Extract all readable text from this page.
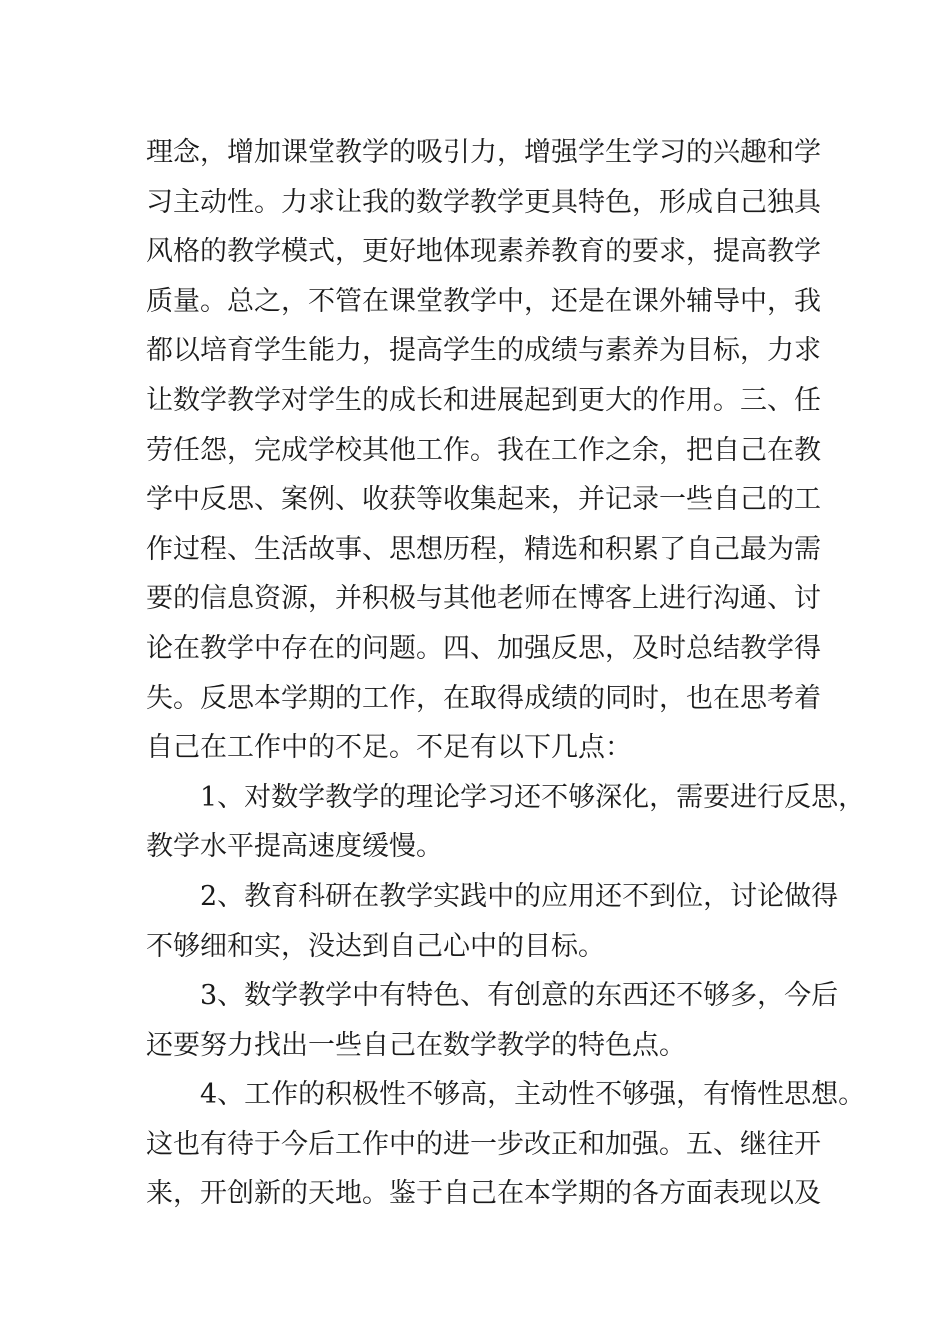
理念，增加课堂教学的吸引力，增强学生学习的兴趣和学
习主动性。力求让我的数学教学更具特色，形成自己独具
风格的教学模式，更好地体现素养教育的要求，提高教学
质量。总之，不管在课堂教学中，还是在课外辅导中，我
都以培育学生能力，提高学生的成绩与素养为目标，力求
让数学教学对学生的成长和进展起到更大的作用。三、任
劳任怨，完成学校其他工作。我在工作之余，把自己在教
学中反思、案例、收获等收集起来，并记录一些自己的工
作过程、生活故事、思想历程，精选和积累了自己最为需
要的信息资源，并积极与其他老师在博客上进行沟通、讨
论在教学中存在的问题。四、加强反思，及时总结教学得
失。反思本学期的工作，在取得成绩的同时，也在思考着
自己在工作中的不足。不足有以下几点：
1、对数学教学的理论学习还不够深化，需要进行反思，
教学水平提高速度缓慢。
2、教育科研在教学实践中的应用还不到位，讨论做得
不够细和实，没达到自己心中的目标。
3、数学教学中有特色、有创意的东西还不够多，今后
还要努力找出一些自己在数学教学的特色点。
4、工作的积极性不够高，主动性不够强，有惰性思想。
这也有待于今后工作中的进一步改正和加强。五、继往开
来，开创新的天地。鉴于自己在本学期的各方面表现以及
